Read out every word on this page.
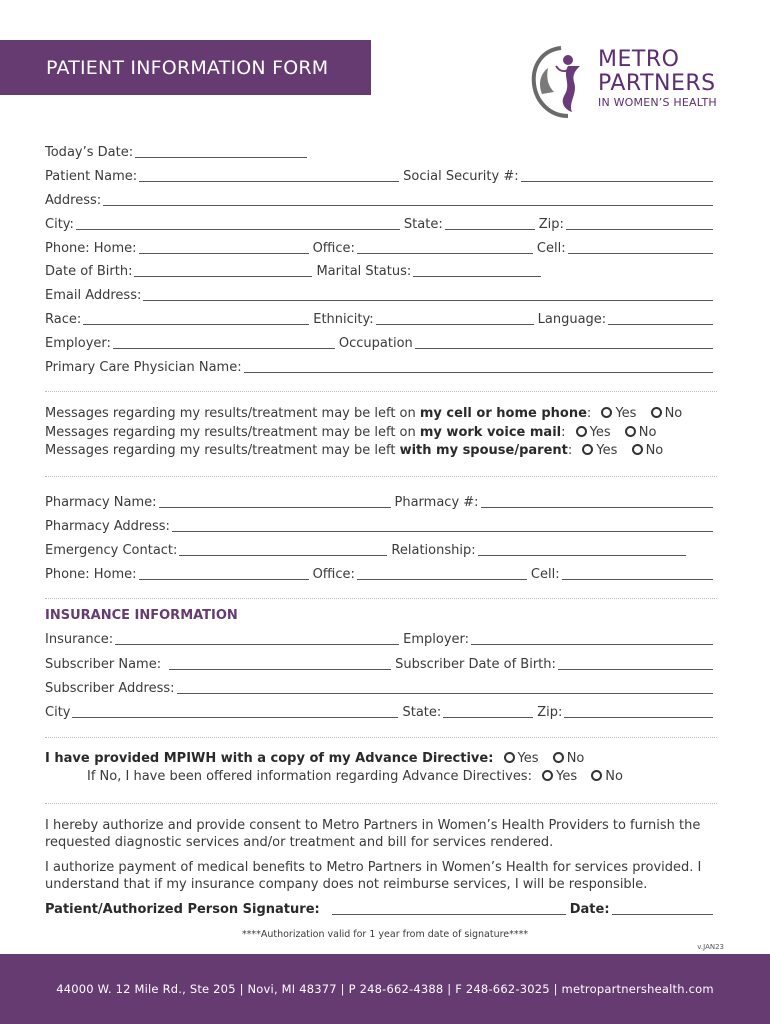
PATIENT INFORMATION FORM	METRO
PARTNERS
IN WOMEN’S HEALTH
Today’s Date:
Patient Name:	Social Security #:
Address:
City:	State:	Zip:
Phone: Home:	Office:	Cell:
Date of Birth:	Marital Status:
Email Address:
Race:	Ethnicity:	Language:
Employer:	Occupation
Primary Care Physician Name:
Messages regarding my results/treatment may be left on my cell or home phone: Yes No
Messages regarding my results/treatment may be left on my work voice mail: Yes No
Messages regarding my results/treatment may be left with my spouse/parent: Yes No
Pharmacy Name:	Pharmacy #:
Pharmacy Address:
Emergency Contact:	Relationship:
Phone: Home:	Office:	Cell:
INSURANCE INFORMATION
Insurance:	Employer:
Subscriber Name:	Subscriber Date of Birth:
Subscriber Address:
City	State:	Zip:
I have provided MPIWH with a copy of my Advance Directive: Yes No
If No, I have been offered information regarding Advance Directives: Yes No
I hereby authorize and provide consent to Metro Partners in Women’s Health Providers to furnish the requested diagnostic services and/or treatment and bill for services rendered.
I authorize payment of medical benefits to Metro Partners in Women’s Health for services provided. I understand that if my insurance company does not reimburse services, I will be responsible.
Patient/Authorized Person Signature:	Date:
****Authorization valid for 1 year from date of signature****
v.JAN23
44000 W. 12 Mile Rd., Ste 205 | Novi, MI 48377 | P 248-662-4388 | F 248-662-3025 | metropartnershealth.com
